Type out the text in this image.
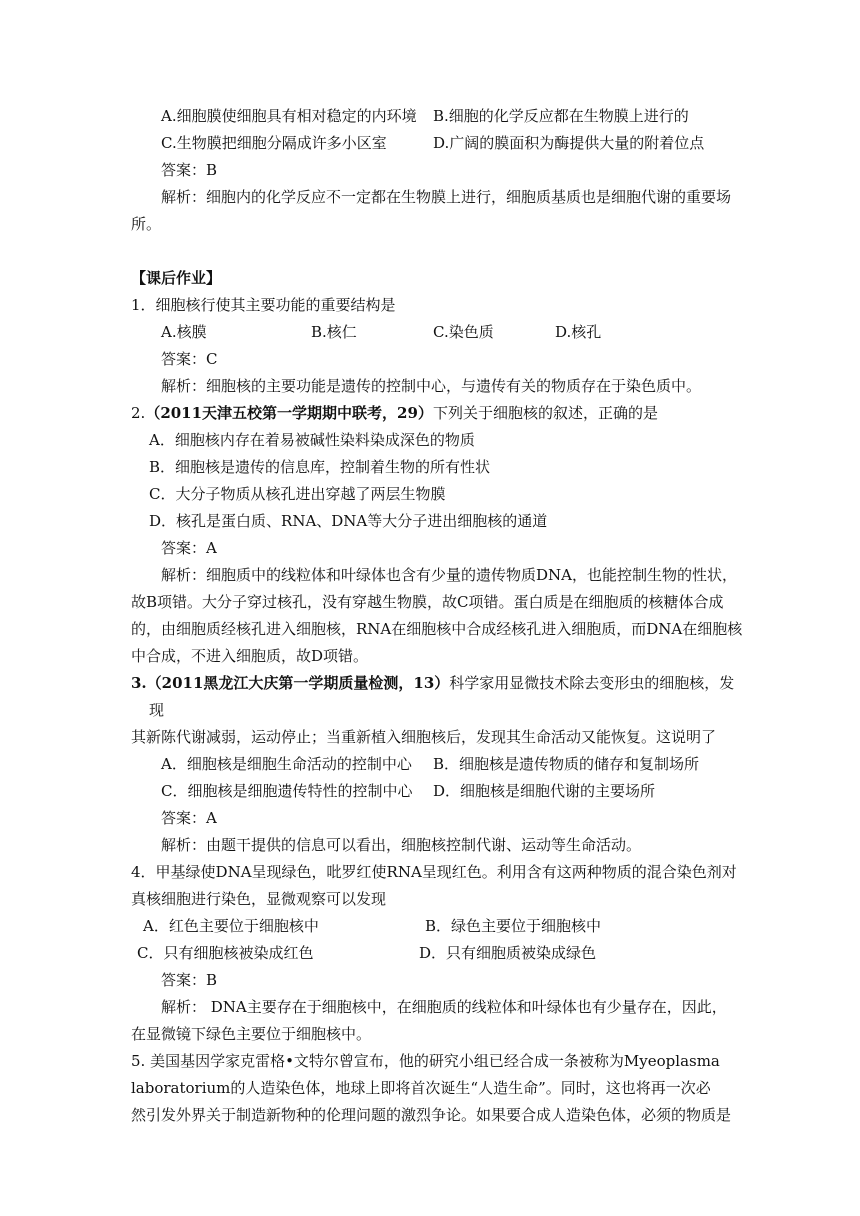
A.细胞膜使细胞具有相对稳定的内环境 B.细胞的化学反应都在生物膜上进行的
C.生物膜把细胞分隔成许多小区室	D.广阔的膜面积为酶提供大量的附着位点
答案：B
解析：细胞内的化学反应不一定都在生物膜上进行，细胞质基质也是细胞代谢的重要场
所。
【课后作业】
1．细胞核行使其主要功能的重要结构是
A.核膜	B.核仁	C.染色质	D.核孔
答案：C
解析：细胞核的主要功能是遗传的控制中心，与遗传有关的物质存在于染色质中。
2.（2011天津五校第一学期期中联考，29）下列关于细胞核的叙述，正确的是
A．细胞核内存在着易被碱性染料染成深色的物质
B．细胞核是遗传的信息库，控制着生物的所有性状
C．大分子物质从核孔进出穿越了两层生物膜
D．核孔是蛋白质、RNA、DNA等大分子进出细胞核的通道
答案：A
解析：细胞质中的线粒体和叶绿体也含有少量的遗传物质DNA，也能控制生物的性状，
故B项错。大分子穿过核孔，没有穿越生物膜，故C项错。蛋白质是在细胞质的核糖体合成
的，由细胞质经核孔进入细胞核，RNA在细胞核中合成经核孔进入细胞质，而DNA在细胞核
中合成，不进入细胞质，故D项错。
3.（2011黑龙江大庆第一学期质量检测，13）科学家用显微技术除去变形虫的细胞核，发
现
其新陈代谢减弱，运动停止；当重新植入细胞核后，发现其生命活动又能恢复。这说明了
A．细胞核是细胞生命活动的控制中心 B．细胞核是遗传物质的储存和复制场所
C．细胞核是细胞遗传特性的控制中心 D．细胞核是细胞代谢的主要场所
答案：A
解析：由题干提供的信息可以看出，细胞核控制代谢、运动等生命活动。
4．甲基绿使DNA呈现绿色，吡罗红使RNA呈现红色。利用含有这两种物质的混合染色剂对
真核细胞进行染色，显微观察可以发现
A．红色主要位于细胞核中	B．绿色主要位于细胞核中
C．只有细胞核被染成红色	D．只有细胞质被染成绿色
答案：B
解析： DNA主要存在于细胞核中，在细胞质的线粒体和叶绿体也有少量存在，因此，
在显微镜下绿色主要位于细胞核中。
5. 美国基因学家克雷格•文特尔曾宣布，他的研究小组已经合成一条被称为Myeoplasma
laboratorium的人造染色体，地球上即将首次诞生“人造生命”。同时，这也将再一次必
然引发外界关于制造新物种的伦理问题的激烈争论。如果要合成人造染色体，必须的物质是
